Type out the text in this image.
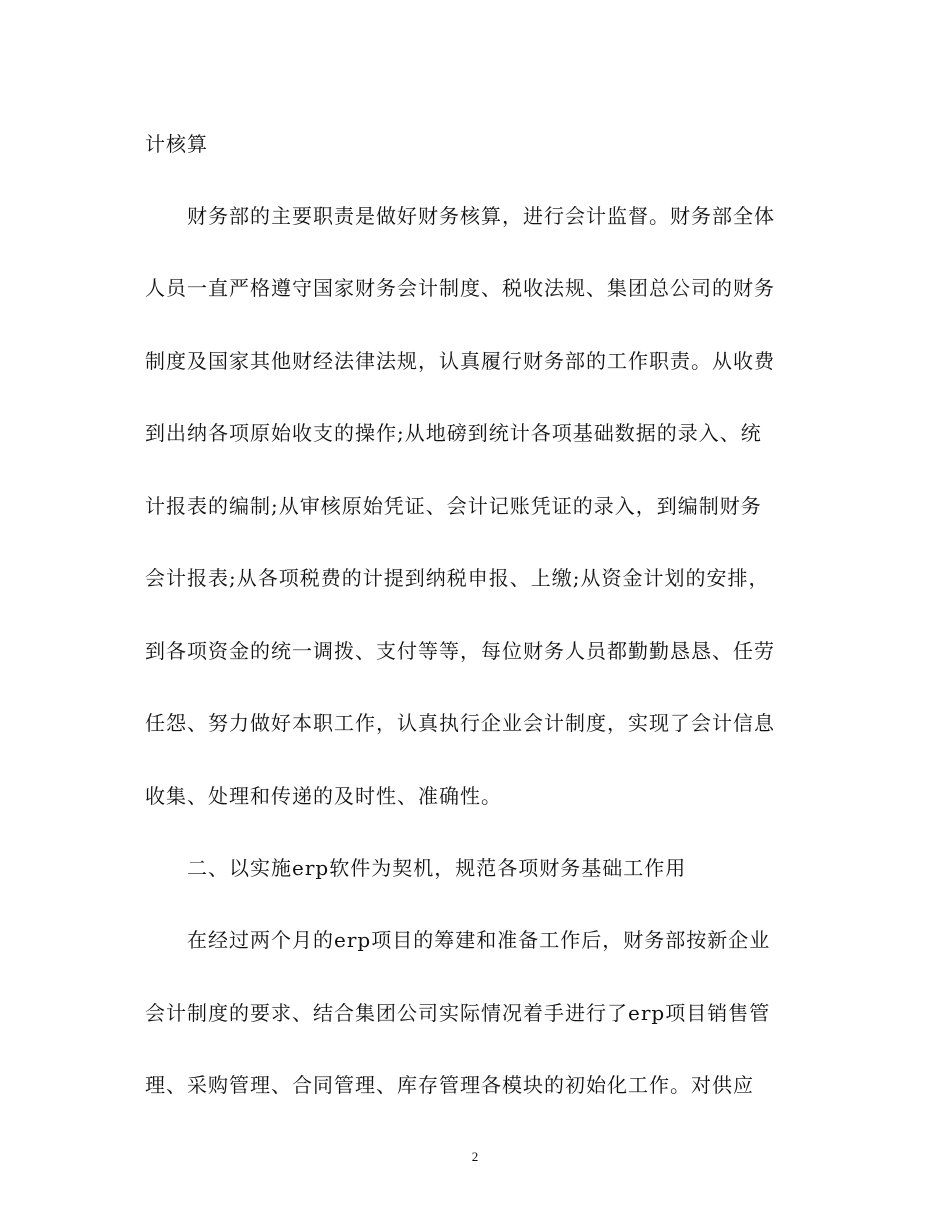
计核算
财务部的主要职责是做好财务核算，进行会计监督。财务部全体
人员一直严格遵守国家财务会计制度、税收法规、集团总公司的财务
制度及国家其他财经法律法规，认真履行财务部的工作职责。从收费
到出纳各项原始收支的操作;从地磅到统计各项基础数据的录入、统
计报表的编制;从审核原始凭证、会计记账凭证的录入，到编制财务
会计报表;从各项税费的计提到纳税申报、上缴;从资金计划的安排，
到各项资金的统一调拨、支付等等，每位财务人员都勤勤恳恳、任劳
任怨、努力做好本职工作，认真执行企业会计制度，实现了会计信息
收集、处理和传递的及时性、准确性。
二、以实施erp软件为契机，规范各项财务基础工作用
在经过两个月的erp项目的筹建和准备工作后，财务部按新企业
会计制度的要求、结合集团公司实际情况着手进行了erp项目销售管
理、采购管理、合同管理、库存管理各模块的初始化工作。对供应
2
